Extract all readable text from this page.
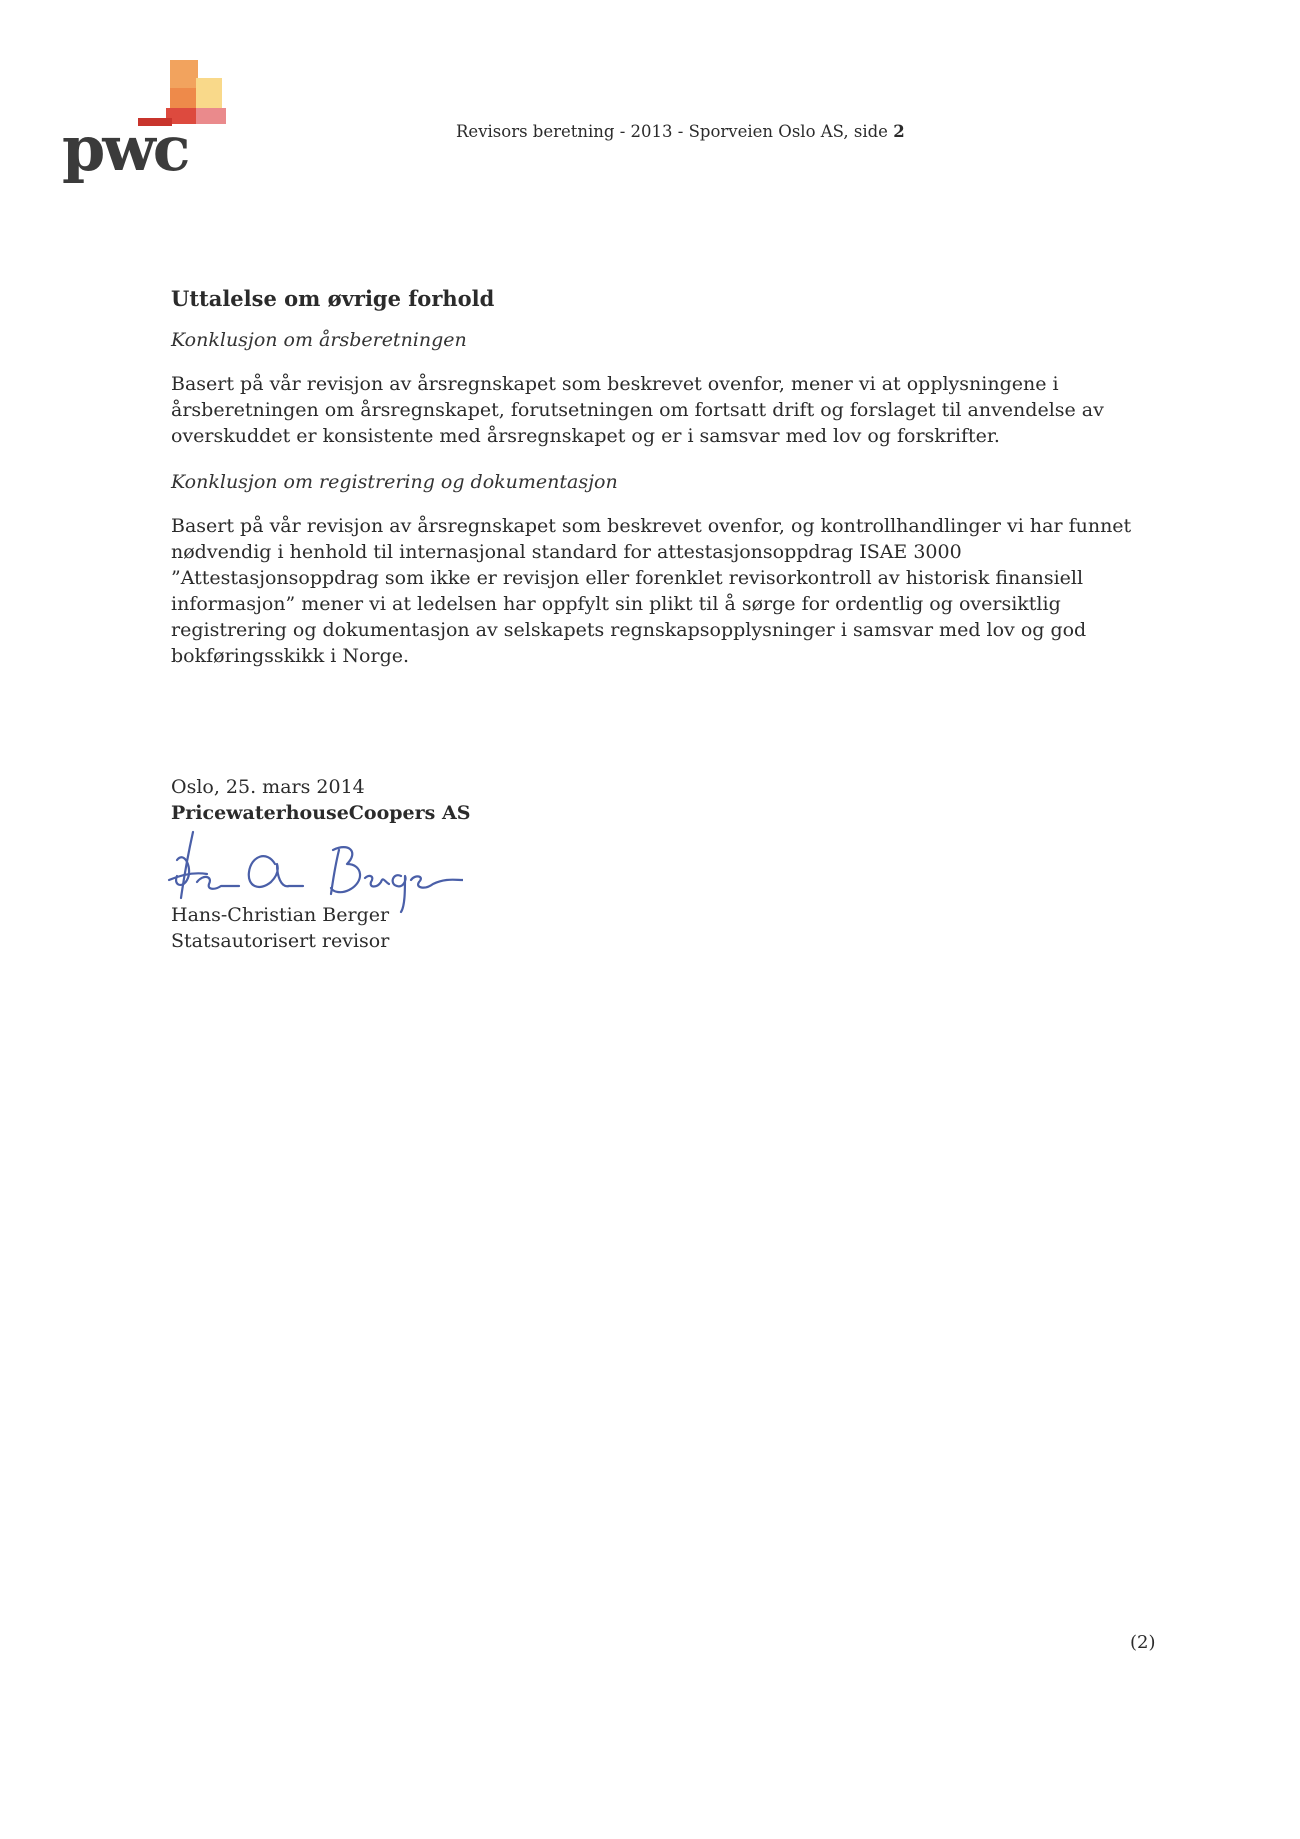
pwc	Revisors beretning - 2013 - Sporveien Oslo AS, side 2
Uttalelse om øvrige forhold
Konklusjon om årsberetningen
Basert på vår revisjon av årsregnskapet som beskrevet ovenfor, mener vi at opplysningene i
årsberetningen om årsregnskapet, forutsetningen om fortsatt drift og forslaget til anvendelse av
overskuddet er konsistente med årsregnskapet og er i samsvar med lov og forskrifter.
Konklusjon om registrering og dokumentasjon
Basert på vår revisjon av årsregnskapet som beskrevet ovenfor, og kontrollhandlinger vi har funnet
nødvendig i henhold til internasjonal standard for attestasjonsoppdrag ISAE 3000
”Attestasjonsoppdrag som ikke er revisjon eller forenklet revisorkontroll av historisk finansiell
informasjon” mener vi at ledelsen har oppfylt sin plikt til å sørge for ordentlig og oversiktlig
registrering og dokumentasjon av selskapets regnskapsopplysninger i samsvar med lov og god
bokføringsskikk i Norge.
Oslo, 25. mars 2014
PricewaterhouseCoopers AS
Hans-Christian Berger
Statsautorisert revisor
(2)
